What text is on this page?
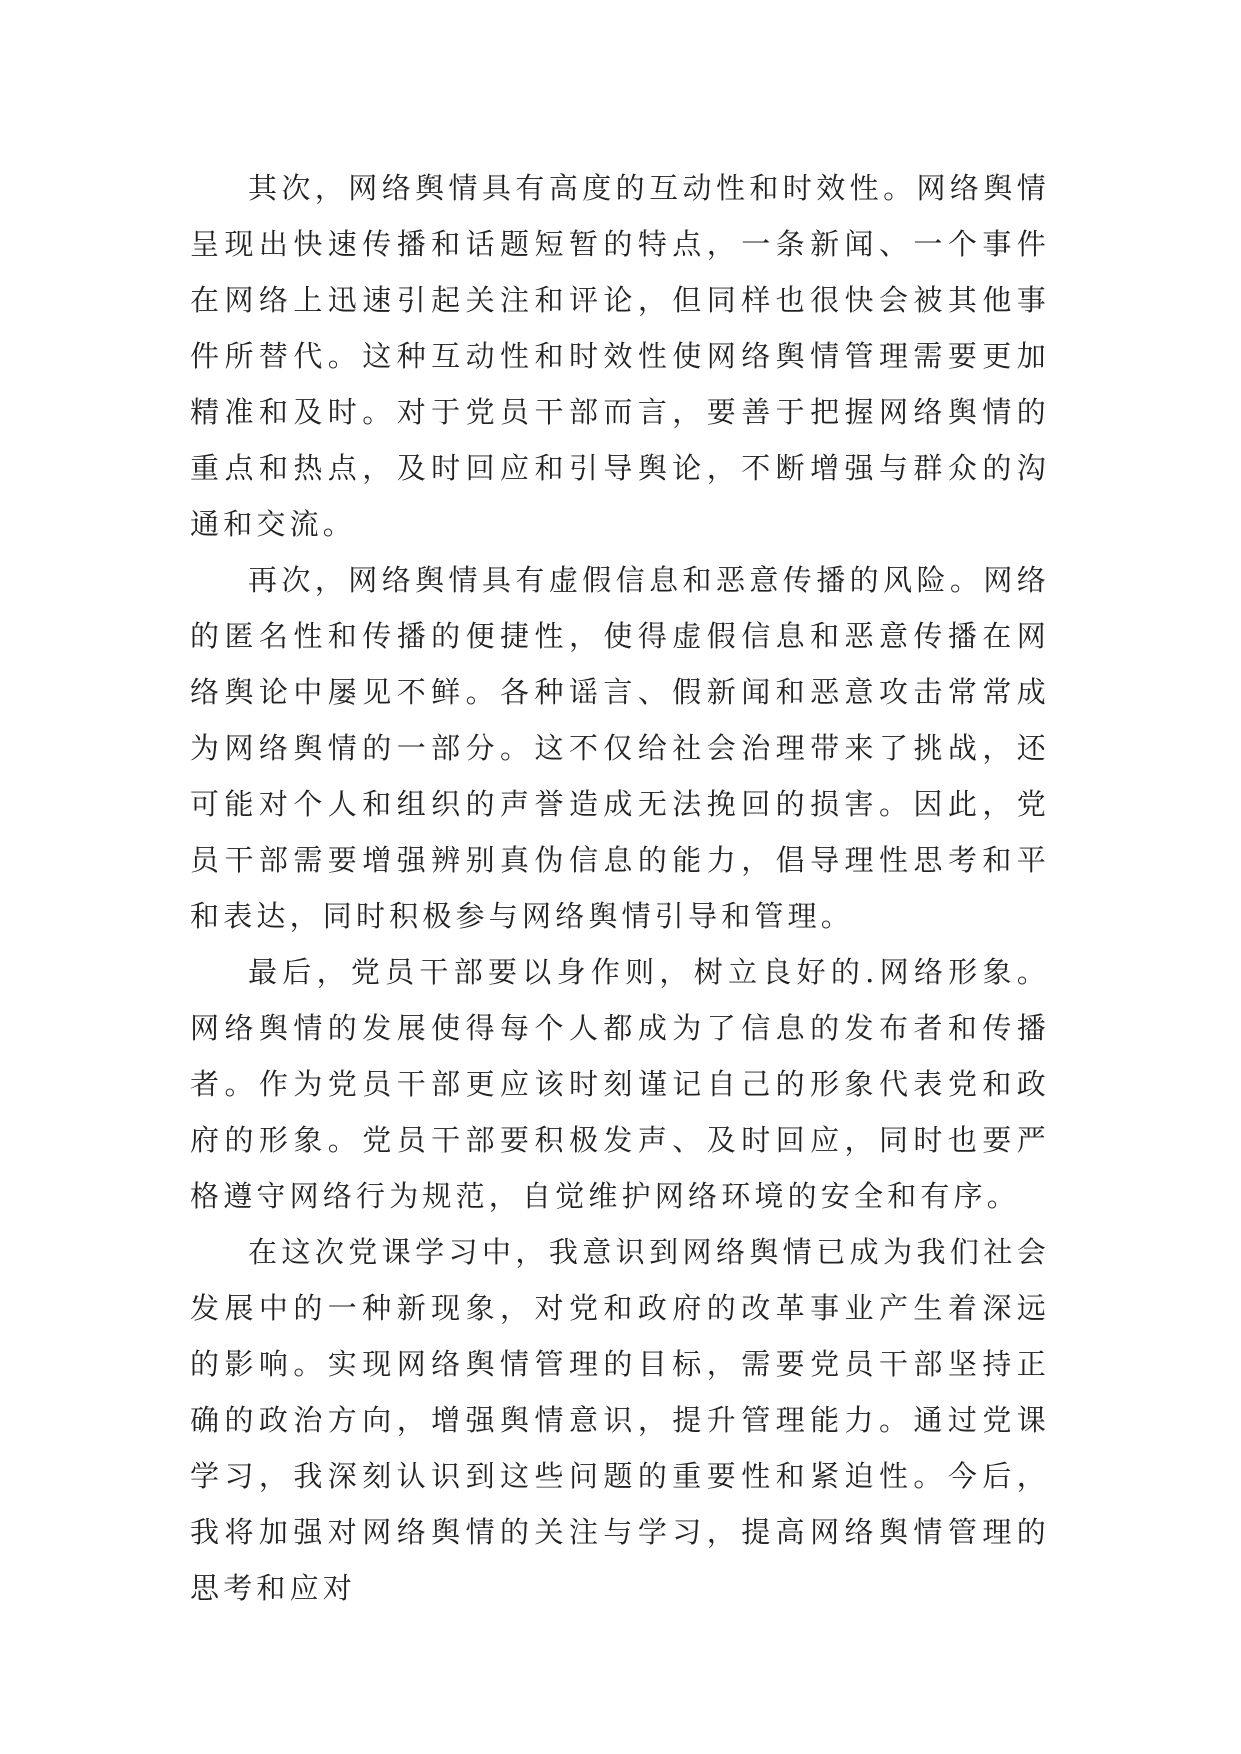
其次，网络舆情具有高度的互动性和时效性。网络舆情呈现出快速传播和话题短暂的特点，一条新闻、一个事件在网络上迅速引起关注和评论，但同样也很快会被其他事件所替代。这种互动性和时效性使网络舆情管理需要更加精准和及时。对于党员干部而言，要善于把握网络舆情的重点和热点，及时回应和引导舆论，不断增强与群众的沟通和交流。

再次，网络舆情具有虚假信息和恶意传播的风险。网络的匿名性和传播的便捷性，使得虚假信息和恶意传播在网络舆论中屡见不鲜。各种谣言、假新闻和恶意攻击常常成为网络舆情的一部分。这不仅给社会治理带来了挑战，还可能对个人和组织的声誉造成无法挽回的损害。因此，党员干部需要增强辨别真伪信息的能力，倡导理性思考和平和表达，同时积极参与网络舆情引导和管理。

最后，党员干部要以身作则，树立良好的.网络形象。网络舆情的发展使得每个人都成为了信息的发布者和传播者。作为党员干部更应该时刻谨记自己的形象代表党和政府的形象。党员干部要积极发声、及时回应，同时也要严格遵守网络行为规范，自觉维护网络环境的安全和有序。

在这次党课学习中，我意识到网络舆情已成为我们社会发展中的一种新现象，对党和政府的改革事业产生着深远的影响。实现网络舆情管理的目标，需要党员干部坚持正确的政治方向，增强舆情意识，提升管理能力。通过党课学习，我深刻认识到这些问题的重要性和紧迫性。今后，我将加强对网络舆情的关注与学习，提高网络舆情管理的思考和应对
